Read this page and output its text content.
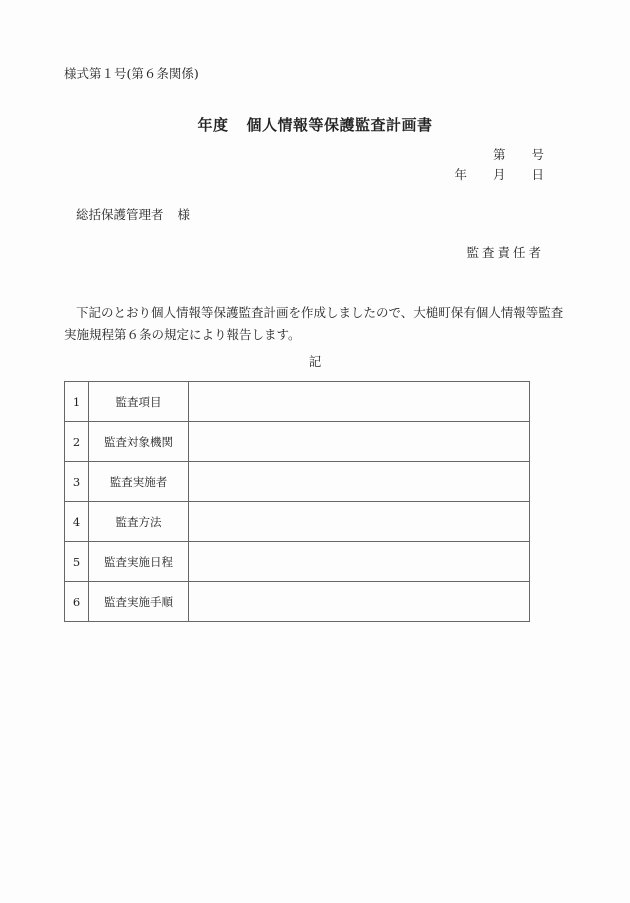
様式第１号(第６条関係)
年度 個人情報等保護監査計画書
第 号
年 月 日
総括保護管理者 様
監査責任者
下記のとおり個人情報等保護監査計画を作成しましたので、大槌町保有個人情報等監査
実施規程第６条の規定により報告します。
記
1	監査項目	
2	監査対象機関	
3	監査実施者	
4	監査方法	
5	監査実施日程	
6	監査実施手順	
